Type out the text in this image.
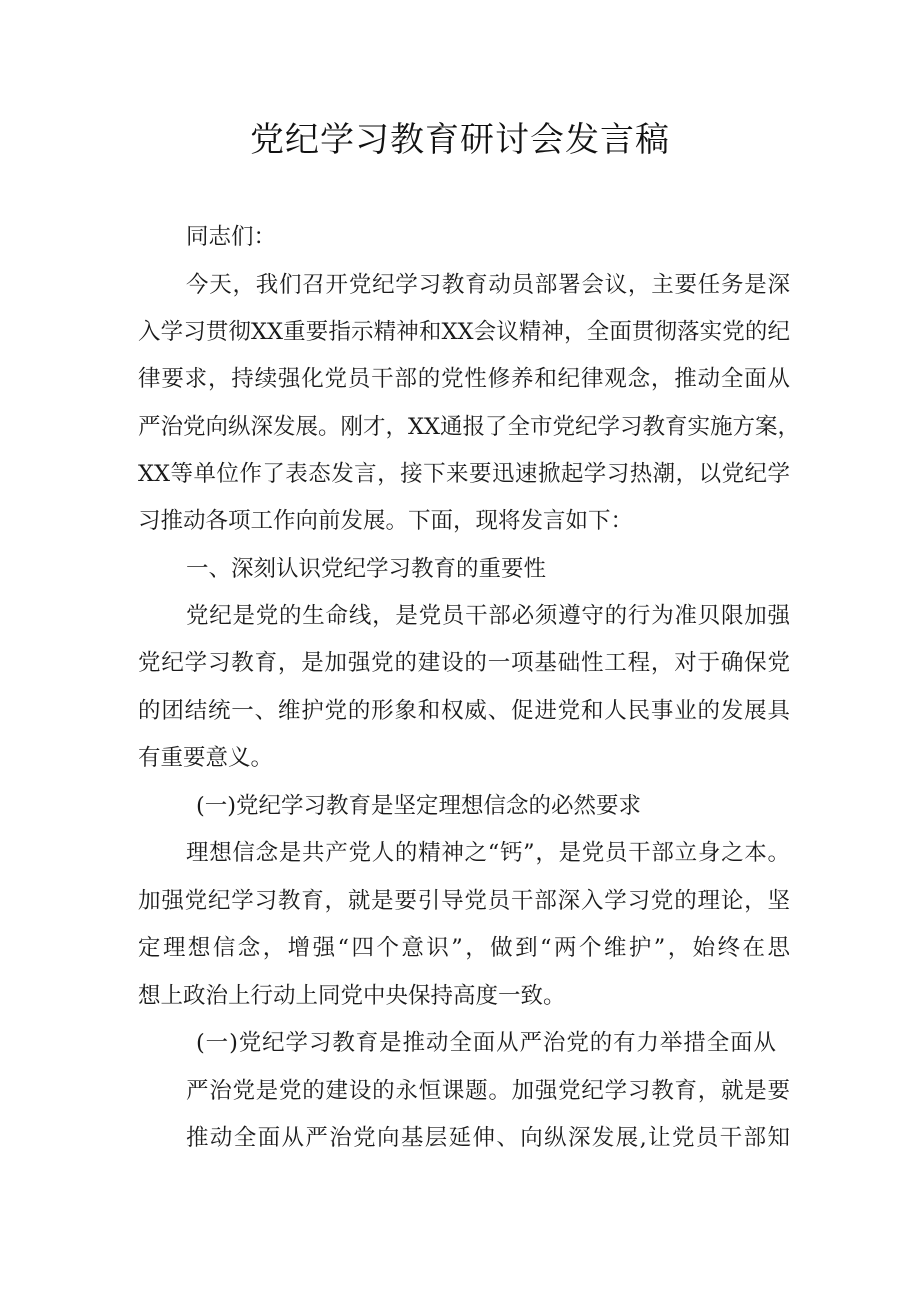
党纪学习教育研讨会发言稿
同志们：
今天，我们召开党纪学习教育动员部署会议，主要任务是深
入学习贯彻XX重要指示精神和XX会议精神，全面贯彻落实党的纪
律要求，持续强化党员干部的党性修养和纪律观念，推动全面从
严治党向纵深发展。刚才，XX通报了全市党纪学习教育实施方案，
XX等单位作了表态发言，接下来要迅速掀起学习热潮，以党纪学
习推动各项工作向前发展。下面，现将发言如下：
一、深刻认识党纪学习教育的重要性
党纪是党的生命线，是党员干部必须遵守的行为准贝限加强
党纪学习教育，是加强党的建设的一项基础性工程，对于确保党
的团结统一、维护党的形象和权威、促进党和人民事业的发展具
有重要意义。
(一)党纪学习教育是坚定理想信念的必然要求
理想信念是共产党人的精神之“钙”，是党员干部立身之本。
加强党纪学习教育，就是要引导党员干部深入学习党的理论，坚
定理想信念，增强“四个意识”，做到“两个维护”，始终在思
想上政治上行动上同党中央保持高度一致。
(一)党纪学习教育是推动全面从严治党的有力举措全面从
严治党是党的建设的永恒课题。加强党纪学习教育，就是要
推动全面从严治党向基层延伸、向纵深发展,让党员干部知
